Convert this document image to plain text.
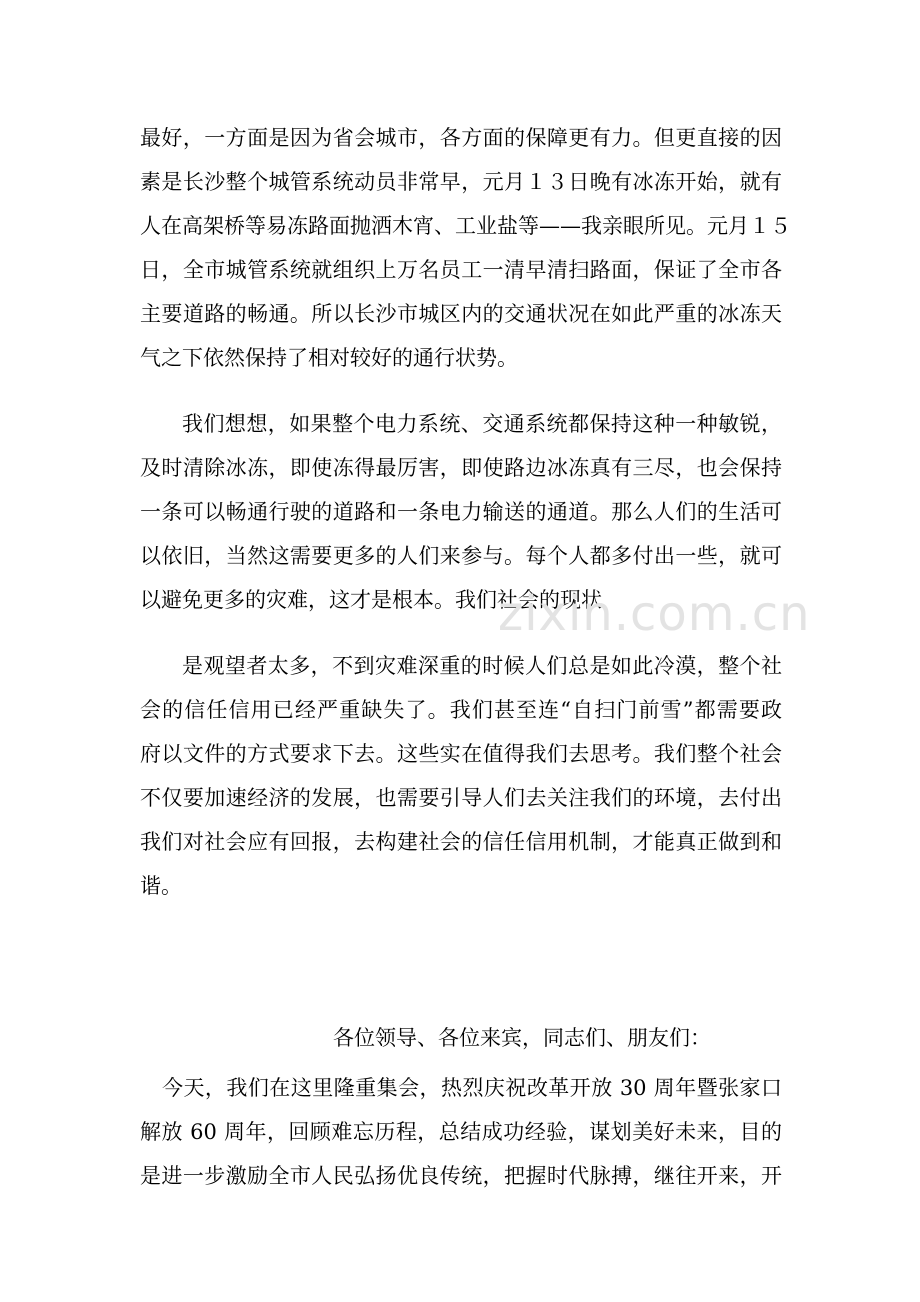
最好，一方面是因为省会城市，各方面的保障更有力。但更直接的因
素是长沙整个城管系统动员非常早，元月１３日晚有冰冻开始，就有
人在高架桥等易冻路面抛洒木宵、工业盐等——我亲眼所见。元月１５
日，全市城管系统就组织上万名员工一清早清扫路面，保证了全市各
主要道路的畅通。所以长沙市城区内的交通状况在如此严重的冰冻天
气之下依然保持了相对较好的通行状势。
我们想想，如果整个电力系统、交通系统都保持这种一种敏锐，
及时清除冰冻，即使冻得最厉害，即使路边冰冻真有三尽，也会保持
一条可以畅通行驶的道路和一条电力输送的通道。那么人们的生活可
以依旧，当然这需要更多的人们来参与。每个人都多付出一些，就可
以避免更多的灾难，这才是根本。我们社会的现状
是观望者太多，不到灾难深重的时候人们总是如此冷漠，整个社
会的信任信用已经严重缺失了。我们甚至连“自扫门前雪”都需要政
府以文件的方式要求下去。这些实在值得我们去思考。我们整个社会
不仅要加速经济的发展，也需要引导人们去关注我们的环境，去付出
我们对社会应有回报，去构建社会的信任信用机制，才能真正做到和
谐。
各位领导、各位来宾，同志们、朋友们：
今天，我们在这里隆重集会，热烈庆祝改革开放 30 周年暨张家口
解放 60 周年，回顾难忘历程，总结成功经验，谋划美好未来，目的
是进一步激励全市人民弘扬优良传统，把握时代脉搏，继往开来，开
zixin.com.cn
